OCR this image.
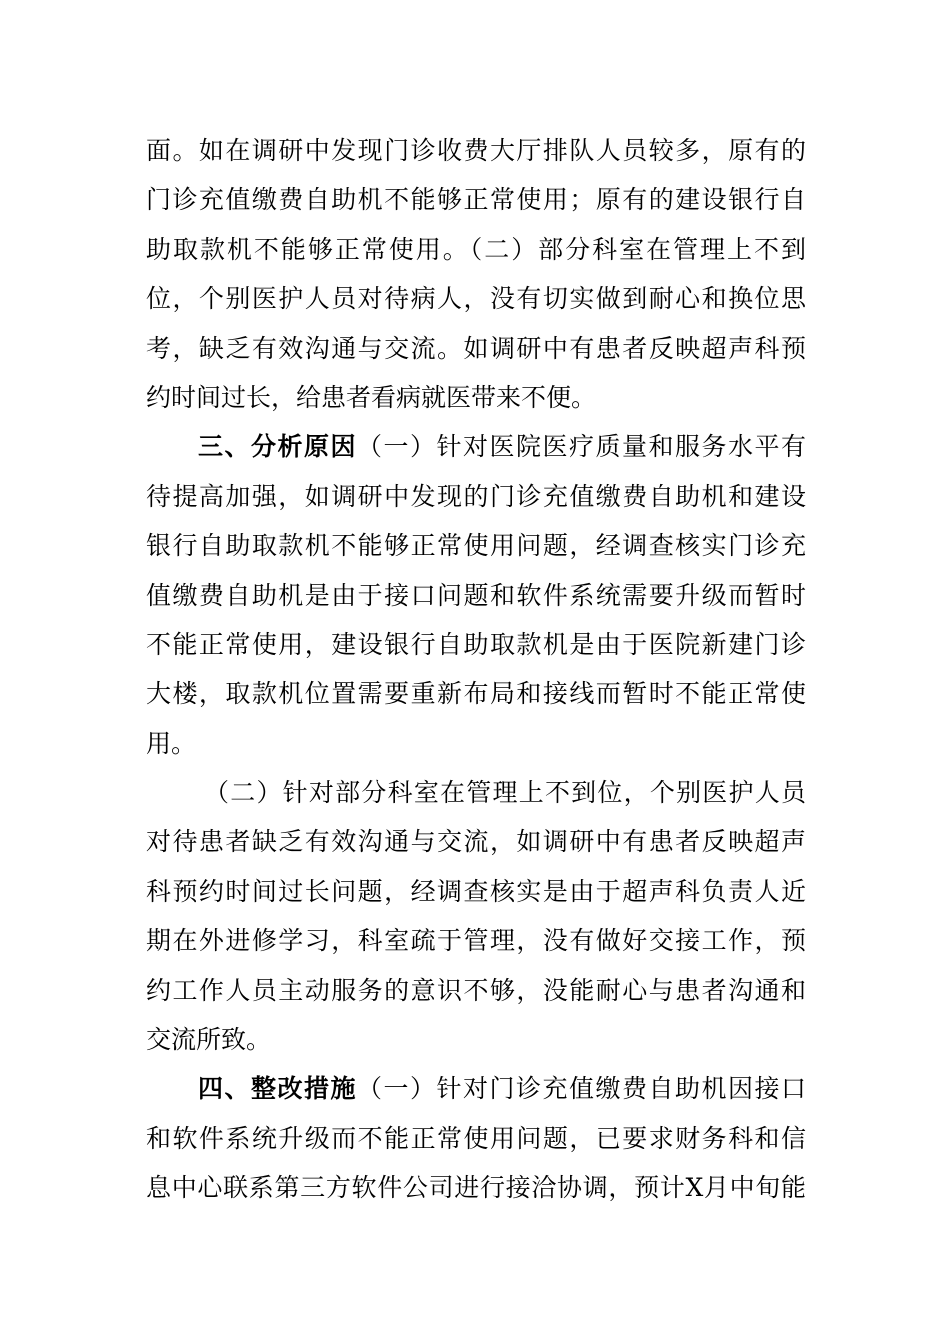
面。如在调研中发现门诊收费大厅排队人员较多，原有的
门诊充值缴费自助机不能够正常使用；原有的建设银行自
助取款机不能够正常使用。（二）部分科室在管理上不到
位，个别医护人员对待病人，没有切实做到耐心和换位思
考，缺乏有效沟通与交流。如调研中有患者反映超声科预
约时间过长，给患者看病就医带来不便。
三、分析原因（一）针对医院医疗质量和服务水平有
待提高加强，如调研中发现的门诊充值缴费自助机和建设
银行自助取款机不能够正常使用问题，经调查核实门诊充
值缴费自助机是由于接口问题和软件系统需要升级而暂时
不能正常使用，建设银行自助取款机是由于医院新建门诊
大楼，取款机位置需要重新布局和接线而暂时不能正常使
用。
（二）针对部分科室在管理上不到位，个别医护人员
对待患者缺乏有效沟通与交流，如调研中有患者反映超声
科预约时间过长问题，经调查核实是由于超声科负责人近
期在外进修学习，科室疏于管理，没有做好交接工作，预
约工作人员主动服务的意识不够，没能耐心与患者沟通和
交流所致。
四、整改措施（一）针对门诊充值缴费自助机因接口
和软件系统升级而不能正常使用问题，已要求财务科和信
息中心联系第三方软件公司进行接洽协调，预计X月中旬能
